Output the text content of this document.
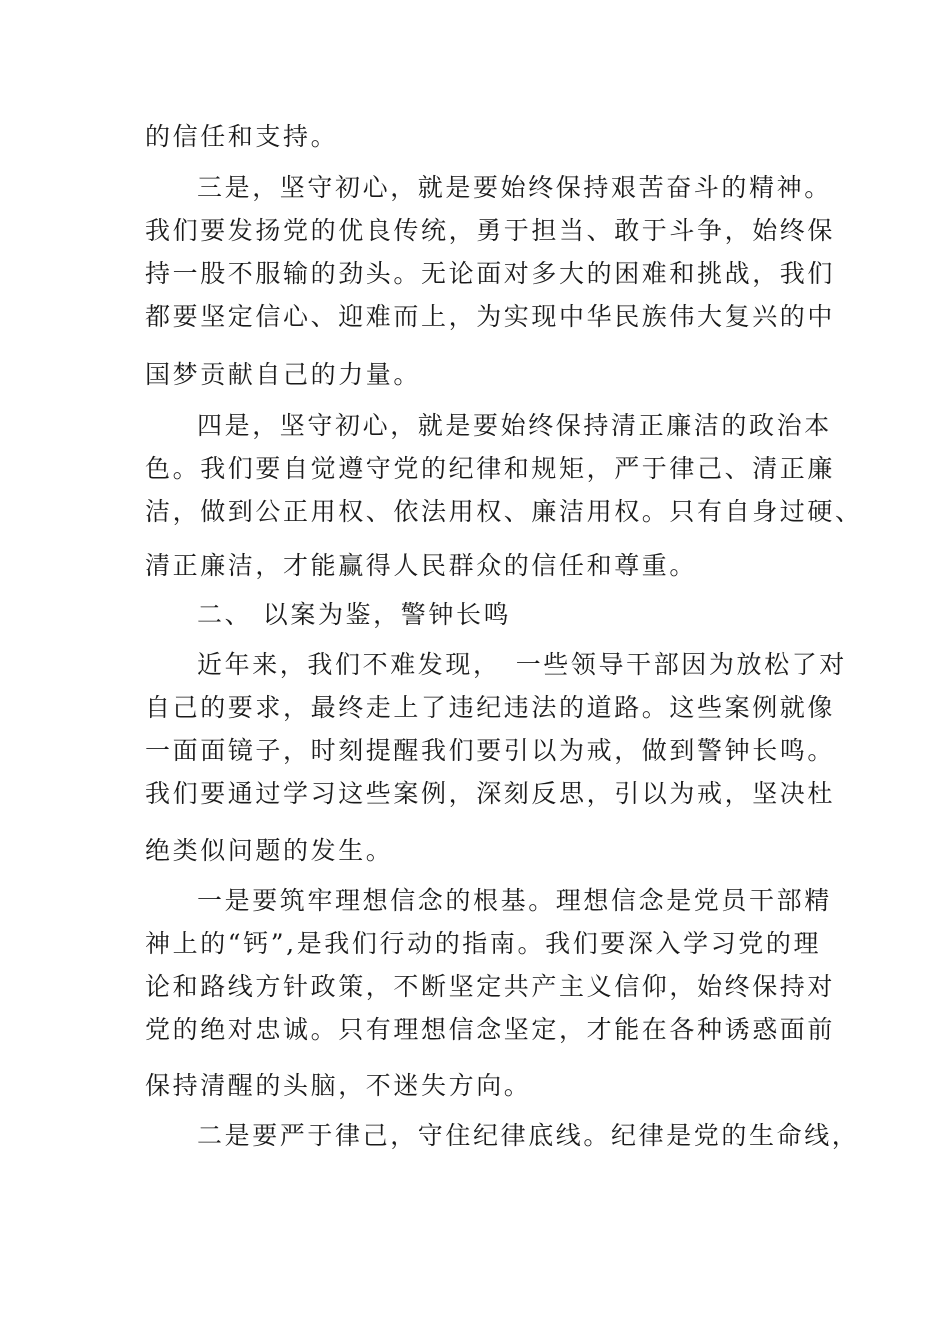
的信任和支持。

三是，坚守初心，就是要始终保持艰苦奋斗的精神。

我们要发扬党的优良传统，勇于担当、敢于斗争，始终保

持一股不服输的劲头。无论面对多大的困难和挑战，我们

都要坚定信心、迎难而上，为实现中华民族伟大复兴的中

国梦贡献自己的力量。

四是，坚守初心，就是要始终保持清正廉洁的政治本

色。我们要自觉遵守党的纪律和规矩，严于律己、清正廉

洁，做到公正用权、依法用权、廉洁用权。只有自身过硬、

清正廉洁，才能赢得人民群众的信任和尊重。

二、 以案为鉴，警钟长鸣

近年来，我们不难发现，　一些领导干部因为放松了对

自己的要求，最终走上了违纪违法的道路。这些案例就像

一面面镜子，时刻提醒我们要引以为戒，做到警钟长鸣。

我们要通过学习这些案例，深刻反思，引以为戒，坚决杜

绝类似问题的发生。

一是要筑牢理想信念的根基。理想信念是党员干部精

神上的“钙”,是我们行动的指南。我们要深入学习党的理

论和路线方针政策，不断坚定共产主义信仰，始终保持对

党的绝对忠诚。只有理想信念坚定，才能在各种诱惑面前

保持清醒的头脑，不迷失方向。

二是要严于律己，守住纪律底线。纪律是党的生命线，
